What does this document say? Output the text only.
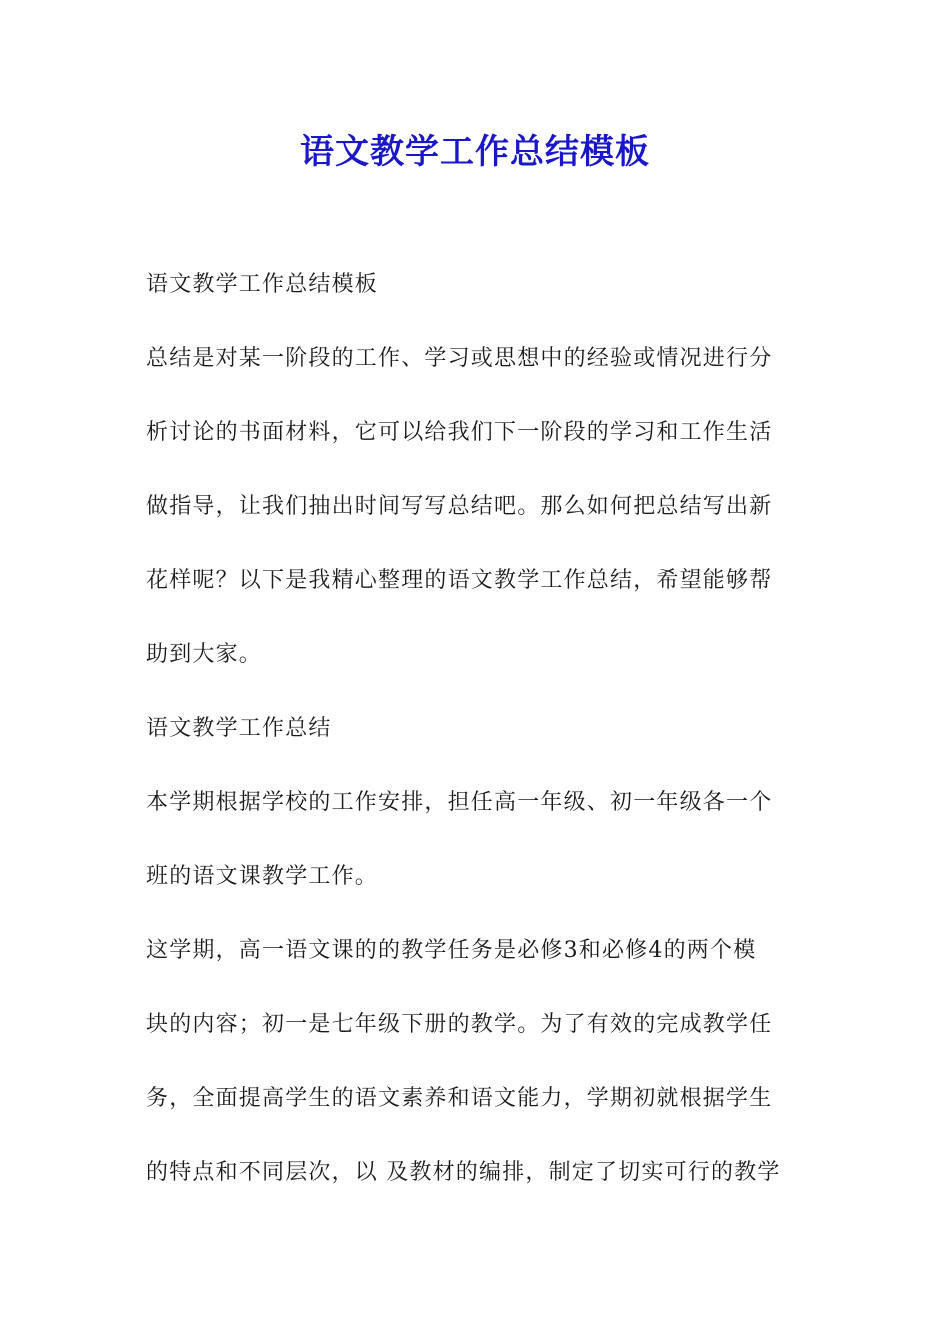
语文教学工作总结模板
语文教学工作总结模板
总结是对某一阶段的工作、学习或思想中的经验或情况进行分
析讨论的书面材料，它可以给我们下一阶段的学习和工作生活
做指导，让我们抽出时间写写总结吧。那么如何把总结写出新
花样呢？以下是我精心整理的语文教学工作总结，希望能够帮
助到大家。
语文教学工作总结
本学期根据学校的工作安排，担任高一年级、初一年级各一个
班的语文课教学工作。
这学期，高一语文课的的教学任务是必修3和必修4的两个模
块的内容；初一是七年级下册的教学。为了有效的完成教学任
务，全面提高学生的语文素养和语文能力，学期初就根据学生
的特点和不同层次，以 及教材的编排，制定了切实可行的教学
